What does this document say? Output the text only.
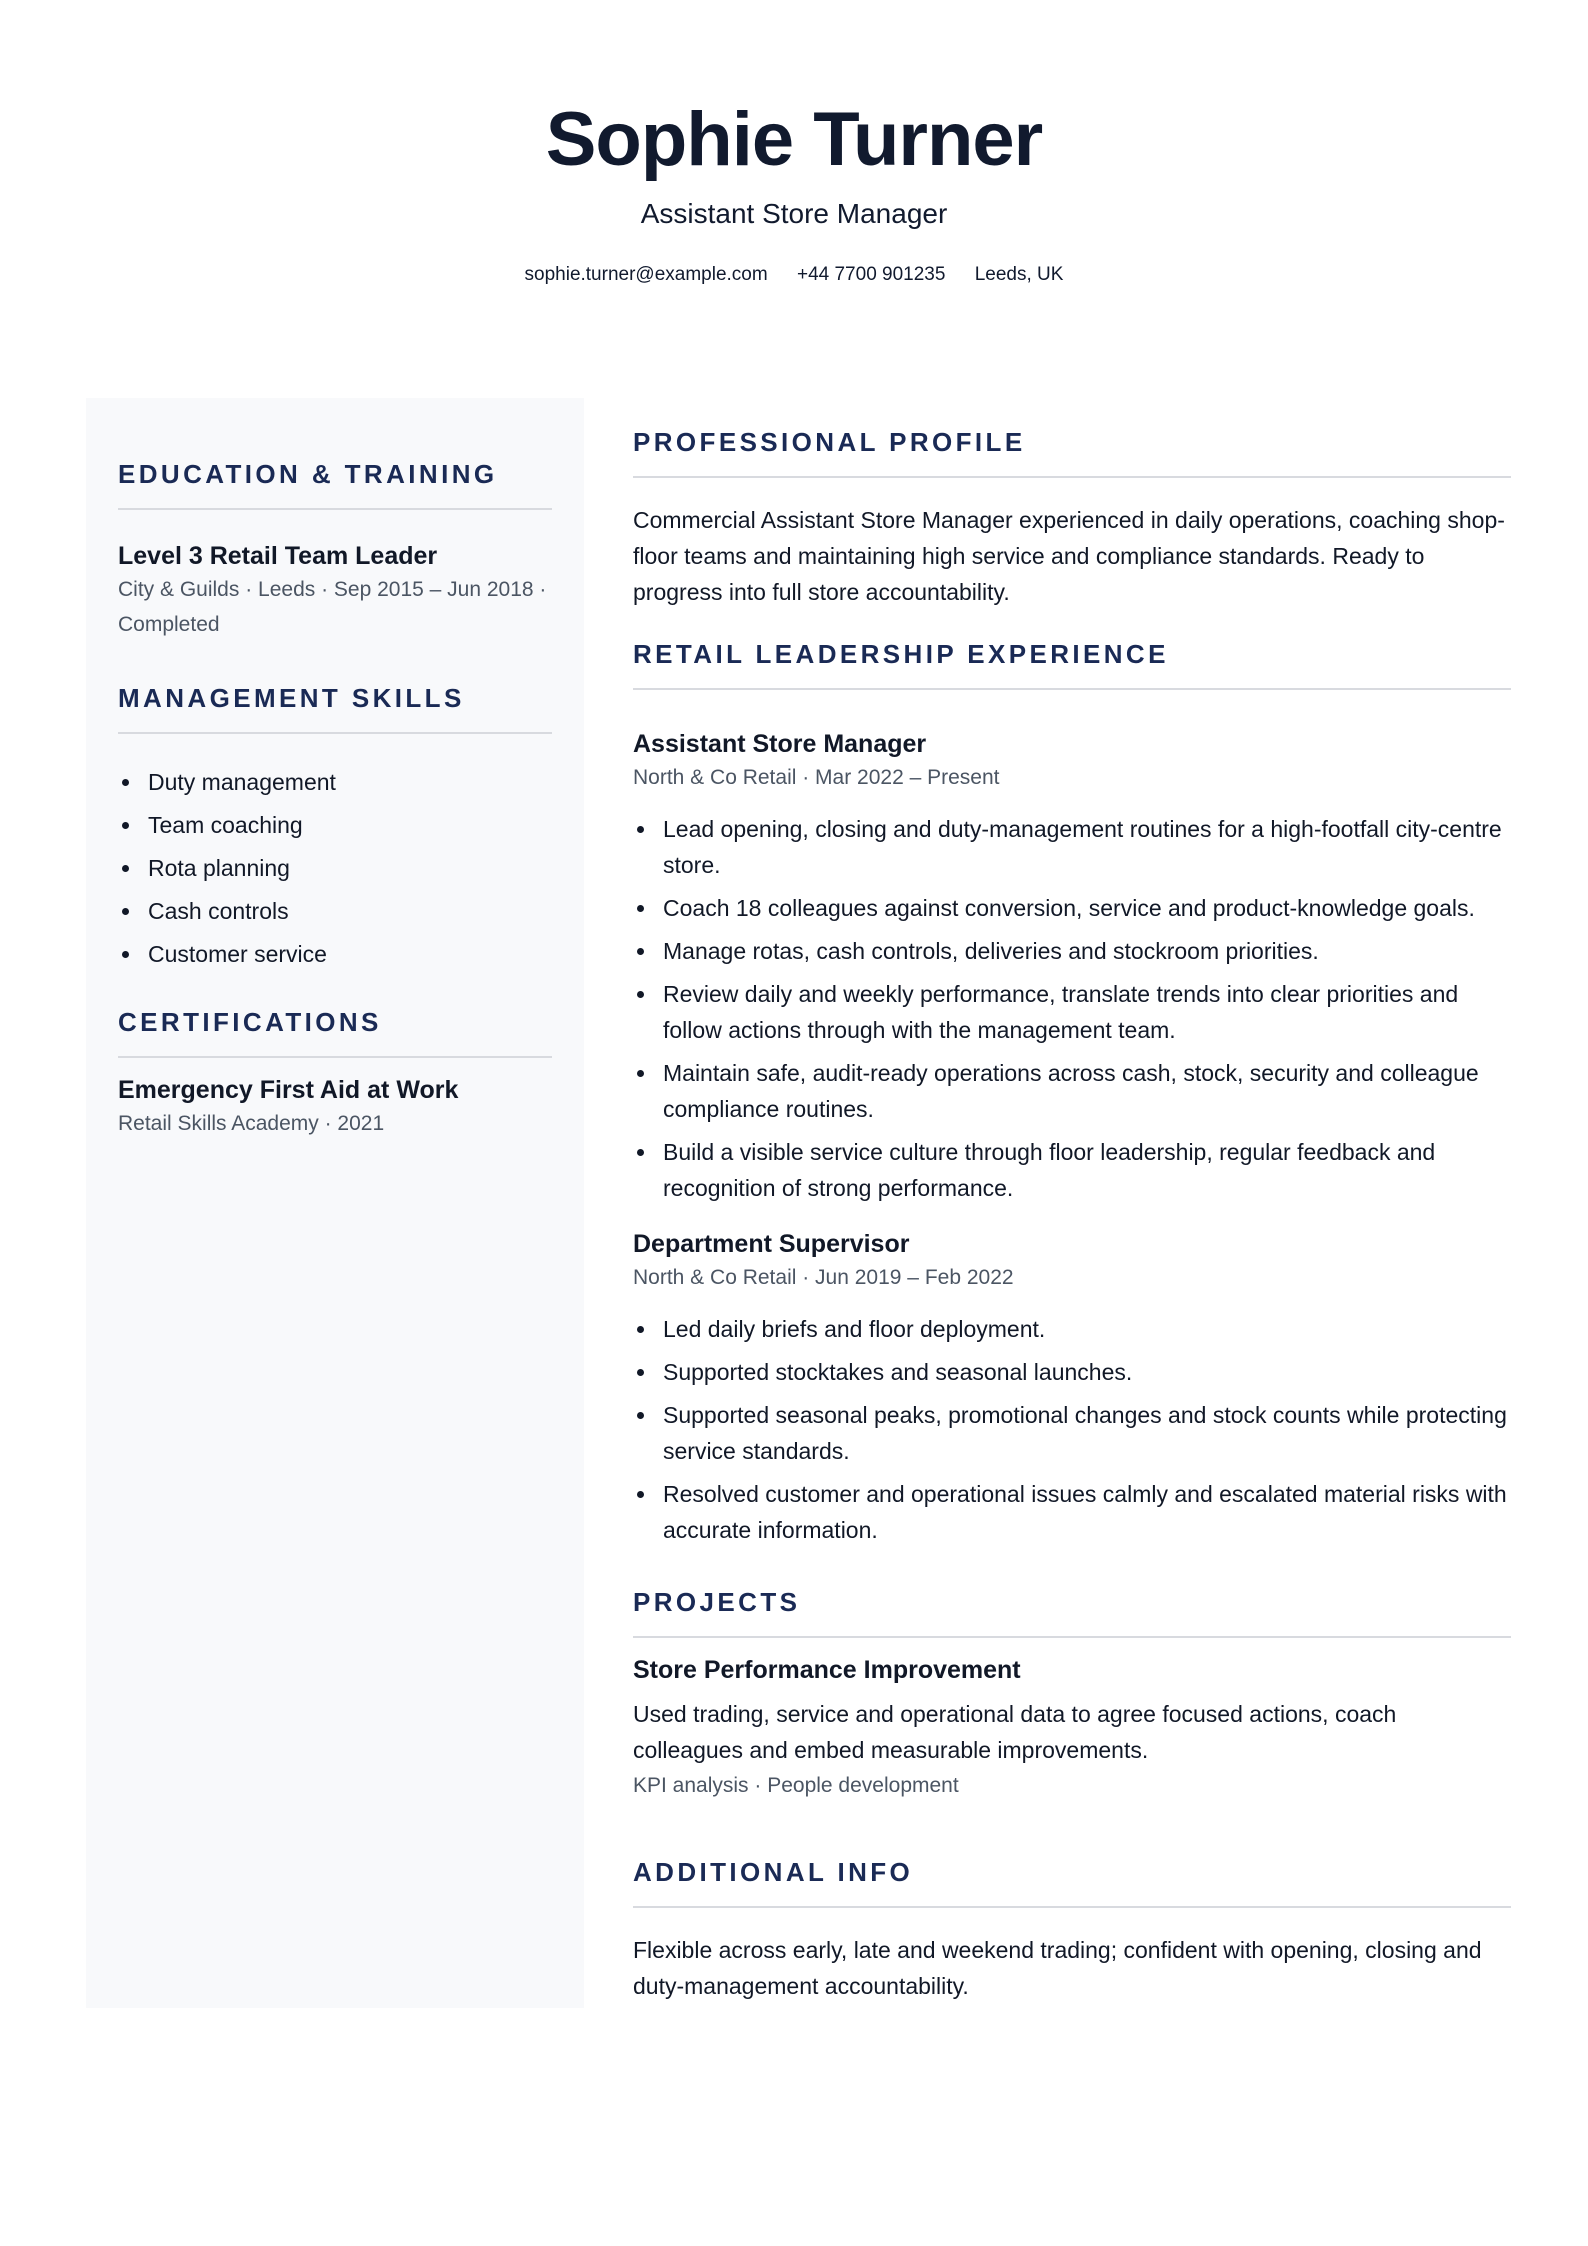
Sophie Turner
Assistant Store Manager
sophie.turner@example.com +44 7700 901235 Leeds, UK
EDUCATION & TRAINING
Level 3 Retail Team Leader
City & Guilds · Leeds · Sep 2015 – Jun 2018 ·
Completed
MANAGEMENT SKILLS
Duty management
Team coaching
Rota planning
Cash controls
Customer service
CERTIFICATIONS
Emergency First Aid at Work
Retail Skills Academy · 2021
PROFESSIONAL PROFILE
Commercial Assistant Store Manager experienced in daily operations, coaching shop-floor teams and maintaining high service and compliance standards. Ready to progress into full store accountability.
RETAIL LEADERSHIP EXPERIENCE
Assistant Store Manager
North & Co Retail · Mar 2022 – Present
Lead opening, closing and duty-management routines for a high-footfall city-centre store.
Coach 18 colleagues against conversion, service and product-knowledge goals.
Manage rotas, cash controls, deliveries and stockroom priorities.
Review daily and weekly performance, translate trends into clear priorities and follow actions through with the management team.
Maintain safe, audit-ready operations across cash, stock, security and colleague compliance routines.
Build a visible service culture through floor leadership, regular feedback and recognition of strong performance.
Department Supervisor
North & Co Retail · Jun 2019 – Feb 2022
Led daily briefs and floor deployment.
Supported stocktakes and seasonal launches.
Supported seasonal peaks, promotional changes and stock counts while protecting service standards.
Resolved customer and operational issues calmly and escalated material risks with accurate information.
PROJECTS
Store Performance Improvement
Used trading, service and operational data to agree focused actions, coach colleagues and embed measurable improvements.
KPI analysis · People development
ADDITIONAL INFO
Flexible across early, late and weekend trading; confident with opening, closing and duty-management accountability.
